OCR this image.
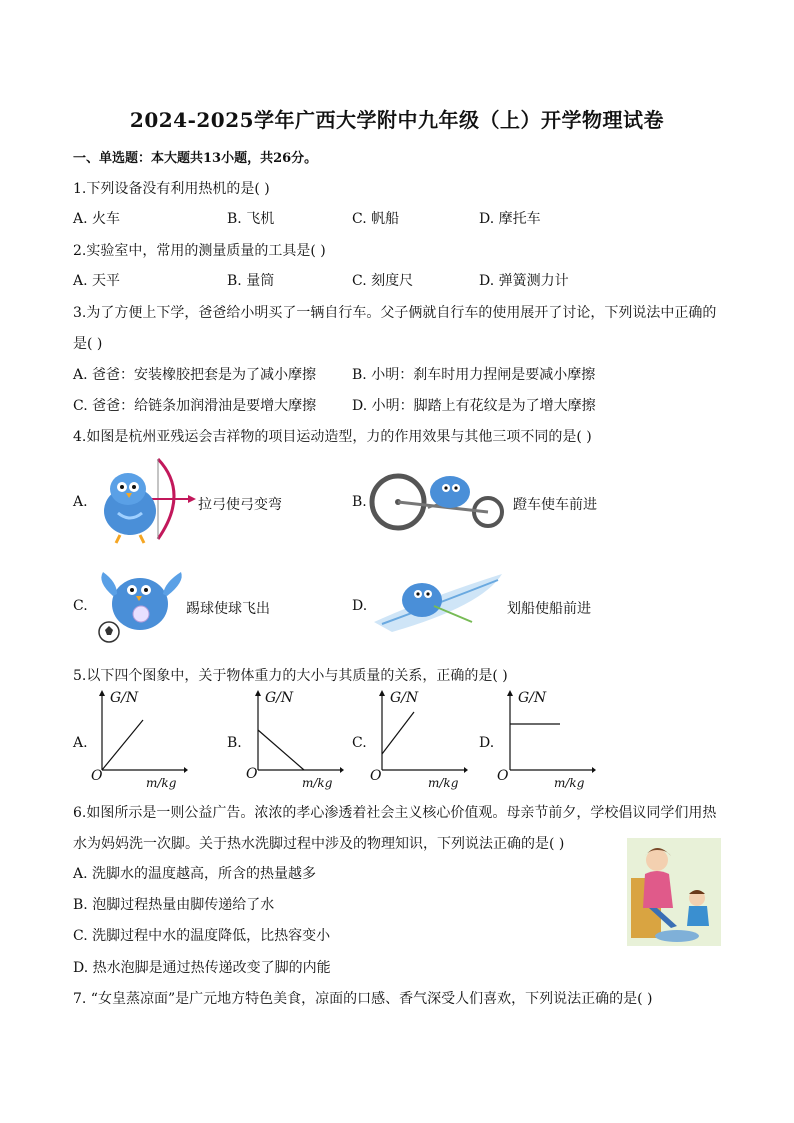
2024-2025学年广西大学附中九年级（上）开学物理试卷
一、单选题：本大题共13小题，共26分。
1.下列设备没有利用热机的是( )
A. 火车	B. 飞机	C. 帆船	D. 摩托车
2.实验室中，常用的测量质量的工具是( )
A. 天平	B. 量筒	C. 刻度尺	D. 弹簧测力计
3.为了方便上下学，爸爸给小明买了一辆自行车。父子俩就自行车的使用展开了讨论，下列说法中正确的
是( )
A. 爸爸：安装橡胶把套是为了减小摩擦	B. 小明：刹车时用力捏闸是要减小摩擦
C. 爸爸：给链条加润滑油是要增大摩擦	D. 小明：脚踏上有花纹是为了增大摩擦
4.如图是杭州亚残运会吉祥物的项目运动造型，力的作用效果与其他三项不同的是( )
A.	拉弓使弓变弯	B.	蹬车使车前进
C.	踢球使球飞出	D.	划船使船前进
5.以下四个图象中，关于物体重力的大小与其质量的关系，正确的是( )
A.
G/N
O	m/kg
B.
G/N
O
m/kg
C.
G/N
O	m/kg
D.
G/N
O	m/kg
6.如图所示是一则公益广告。浓浓的孝心渗透着社会主义核心价值观。母亲节前夕，学校倡议同学们用热
水为妈妈洗一次脚。关于热水洗脚过程中涉及的物理知识，下列说法正确的是( )
A. 洗脚水的温度越高，所含的热量越多
B. 泡脚过程热量由脚传递给了水
C. 洗脚过程中水的温度降低，比热容变小
D. 热水泡脚是通过热传递改变了脚的内能
7. “女皇蒸凉面”是广元地方特色美食，凉面的口感、香气深受人们喜欢，下列说法正确的是( )
